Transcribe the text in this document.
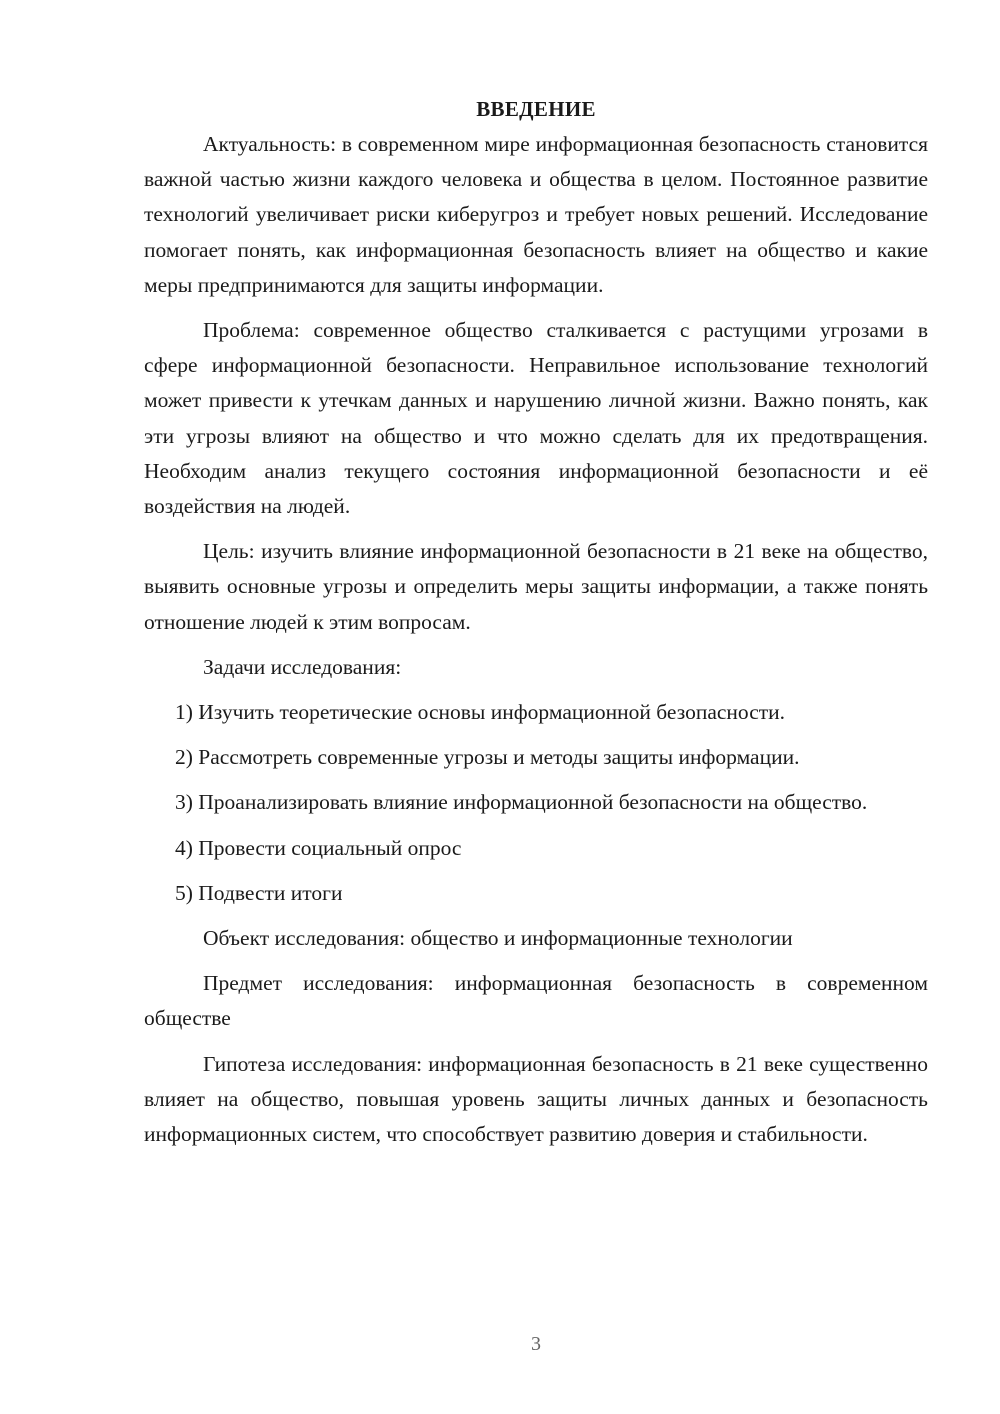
ВВЕДЕНИЕ

Актуальность: в современном мире информационная безопасность становится важной частью жизни каждого человека и общества в целом. Постоянное развитие технологий увеличивает риски киберугроз и требует новых решений. Исследование помогает понять, как информационная безопасность влияет на общество и какие меры предпринимаются для защиты информации.

Проблема: современное общество сталкивается с растущими угрозами в сфере информационной безопасности. Неправильное использование технологий может привести к утечкам данных и нарушению личной жизни. Важно понять, как эти угрозы влияют на общество и что можно сделать для их предотвращения. Необходим анализ текущего состояния информационной безопасности и её воздействия на людей.

Цель: изучить влияние информационной безопасности в 21 веке на общество, выявить основные угрозы и определить меры защиты информации, а также понять отношение людей к этим вопросам.

Задачи исследования:

1) Изучить теоретические основы информационной безопасности.

2) Рассмотреть современные угрозы и методы защиты информации.

3) Проанализировать влияние информационной безопасности на общество.

4) Провести социальный опрос

5) Подвести итоги

Объект исследования: общество и информационные технологии

Предмет исследования: информационная безопасность в современном обществе

Гипотеза исследования: информационная безопасность в 21 веке существенно влияет на общество, повышая уровень защиты личных данных и безопасность информационных систем, что способствует развитию доверия и стабильности.

3
